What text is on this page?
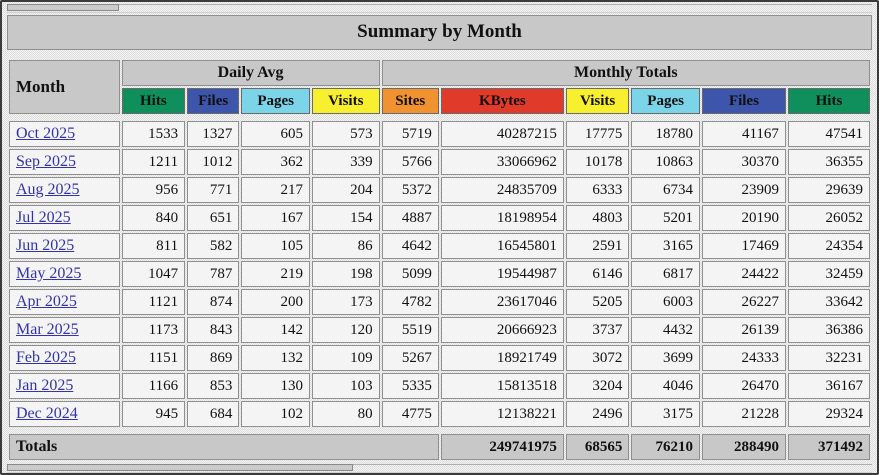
Summary by Month
Month	Daily Avg				Monthly Totals					
	Hits	Files	Pages	Visits	Sites	KBytes	Visits	Pages	Files	Hits

Oct 2025	1533	1327	605	573	5719	40287215	17775	18780	41167	47541
Sep 2025	1211	1012	362	339	5766	33066962	10178	10863	30370	36355
Aug 2025	956	771	217	204	5372	24835709	6333	6734	23909	29639
Jul 2025	840	651	167	154	4887	18198954	4803	5201	20190	26052
Jun 2025	811	582	105	86	4642	16545801	2591	3165	17469	24354
May 2025	1047	787	219	198	5099	19544987	6146	6817	24422	32459
Apr 2025	1121	874	200	173	4782	23617046	5205	6003	26227	33642
Mar 2025	1173	843	142	120	5519	20666923	3737	4432	26139	36386
Feb 2025	1151	869	132	109	5267	18921749	3072	3699	24333	32231
Jan 2025	1166	853	130	103	5335	15813518	3204	4046	26470	36167
Dec 2024	945	684	102	80	4775	12138221	2496	3175	21228	29324

Totals						249741975	68565	76210	288490	371492
